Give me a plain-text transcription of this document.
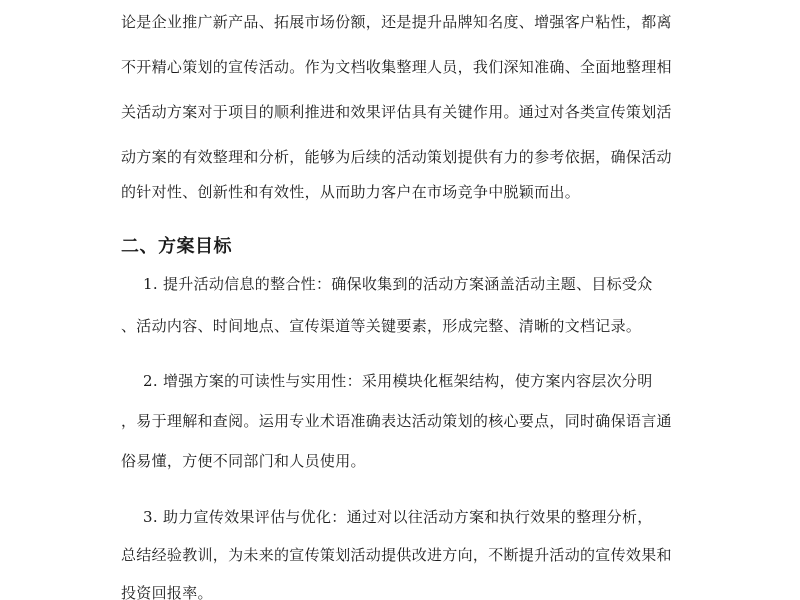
论是企业推广新产品、拓展市场份额，还是提升品牌知名度、增强客户粘性，都离
不开精心策划的宣传活动。作为文档收集整理人员，我们深知准确、全面地整理相
关活动方案对于项目的顺利推进和效果评估具有关键作用。通过对各类宣传策划活
动方案的有效整理和分析，能够为后续的活动策划提供有力的参考依据，确保活动
的针对性、创新性和有效性，从而助力客户在市场竞争中脱颖而出。
二、方案目标
1. 提升活动信息的整合性：确保收集到的活动方案涵盖活动主题、目标受众
、活动内容、时间地点、宣传渠道等关键要素，形成完整、清晰的文档记录。
2. 增强方案的可读性与实用性：采用模块化框架结构，使方案内容层次分明
，易于理解和查阅。运用专业术语准确表达活动策划的核心要点，同时确保语言通
俗易懂，方便不同部门和人员使用。
3. 助力宣传效果评估与优化：通过对以往活动方案和执行效果的整理分析，
总结经验教训，为未来的宣传策划活动提供改进方向，不断提升活动的宣传效果和
投资回报率。
